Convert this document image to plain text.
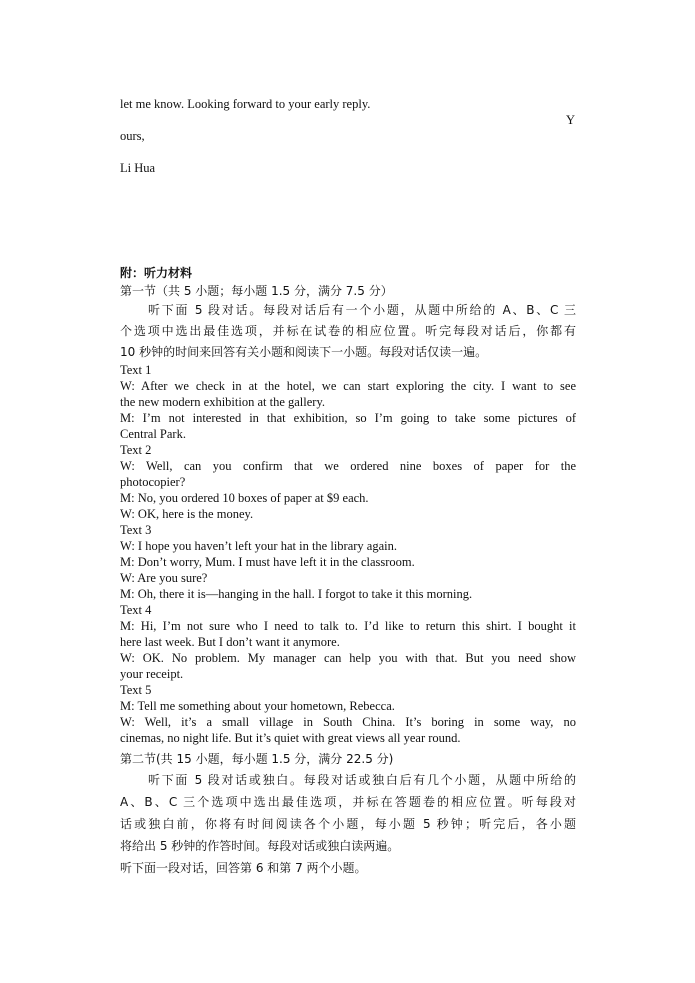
let me know. Looking forward to your early reply.
Y
ours,
Li Hua
附：听力材料
第一节（共 5 小题；每小题 1.5 分，满分 7.5 分）
听下面 5 段对话。每段对话后有一个小题，从题中所给的 A、B、C 三
个选项中选出最佳选项，并标在试卷的相应位置。听完每段对话后，你都有
10 秒钟的时间来回答有关小题和阅读下一小题。每段对话仅读一遍。
Text 1
W: After we check in at the hotel, we can start exploring the city. I want to see
the new modern exhibition at the gallery.
M: I’m not interested in that exhibition, so I’m going to take some pictures of
Central Park.
Text 2
W: Well, can you confirm that we ordered nine boxes of paper for the
photocopier?
M: No, you ordered 10 boxes of paper at $9 each.
W: OK, here is the money.
Text 3
W: I hope you haven’t left your hat in the library again.
M: Don’t worry, Mum. I must have left it in the classroom.
W: Are you sure?
M: Oh, there it is—hanging in the hall. I forgot to take it this morning.
Text 4
M: Hi, I’m not sure who I need to talk to. I’d like to return this shirt. I bought it
here last week. But I don’t want it anymore.
W: OK. No problem. My manager can help you with that. But you need show
your receipt.
Text 5
M: Tell me something about your hometown, Rebecca.
W: Well, it’s a small village in South China. It’s boring in some way, no
cinemas, no night life. But it’s quiet with great views all year round.
第二节(共 15 小题，每小题 1.5 分，满分 22.5 分)
听下面 5 段对话或独白。每段对话或独白后有几个小题，从题中所给的
A、B、C 三个选项中选出最佳选项，并标在答题卷的相应位置。听每段对
话或独白前，你将有时间阅读各个小题，每小题 5 秒钟；听完后，各小题
将给出 5 秒钟的作答时间。每段对话或独白读两遍。
听下面一段对话，回答第 6 和第 7 两个小题。
